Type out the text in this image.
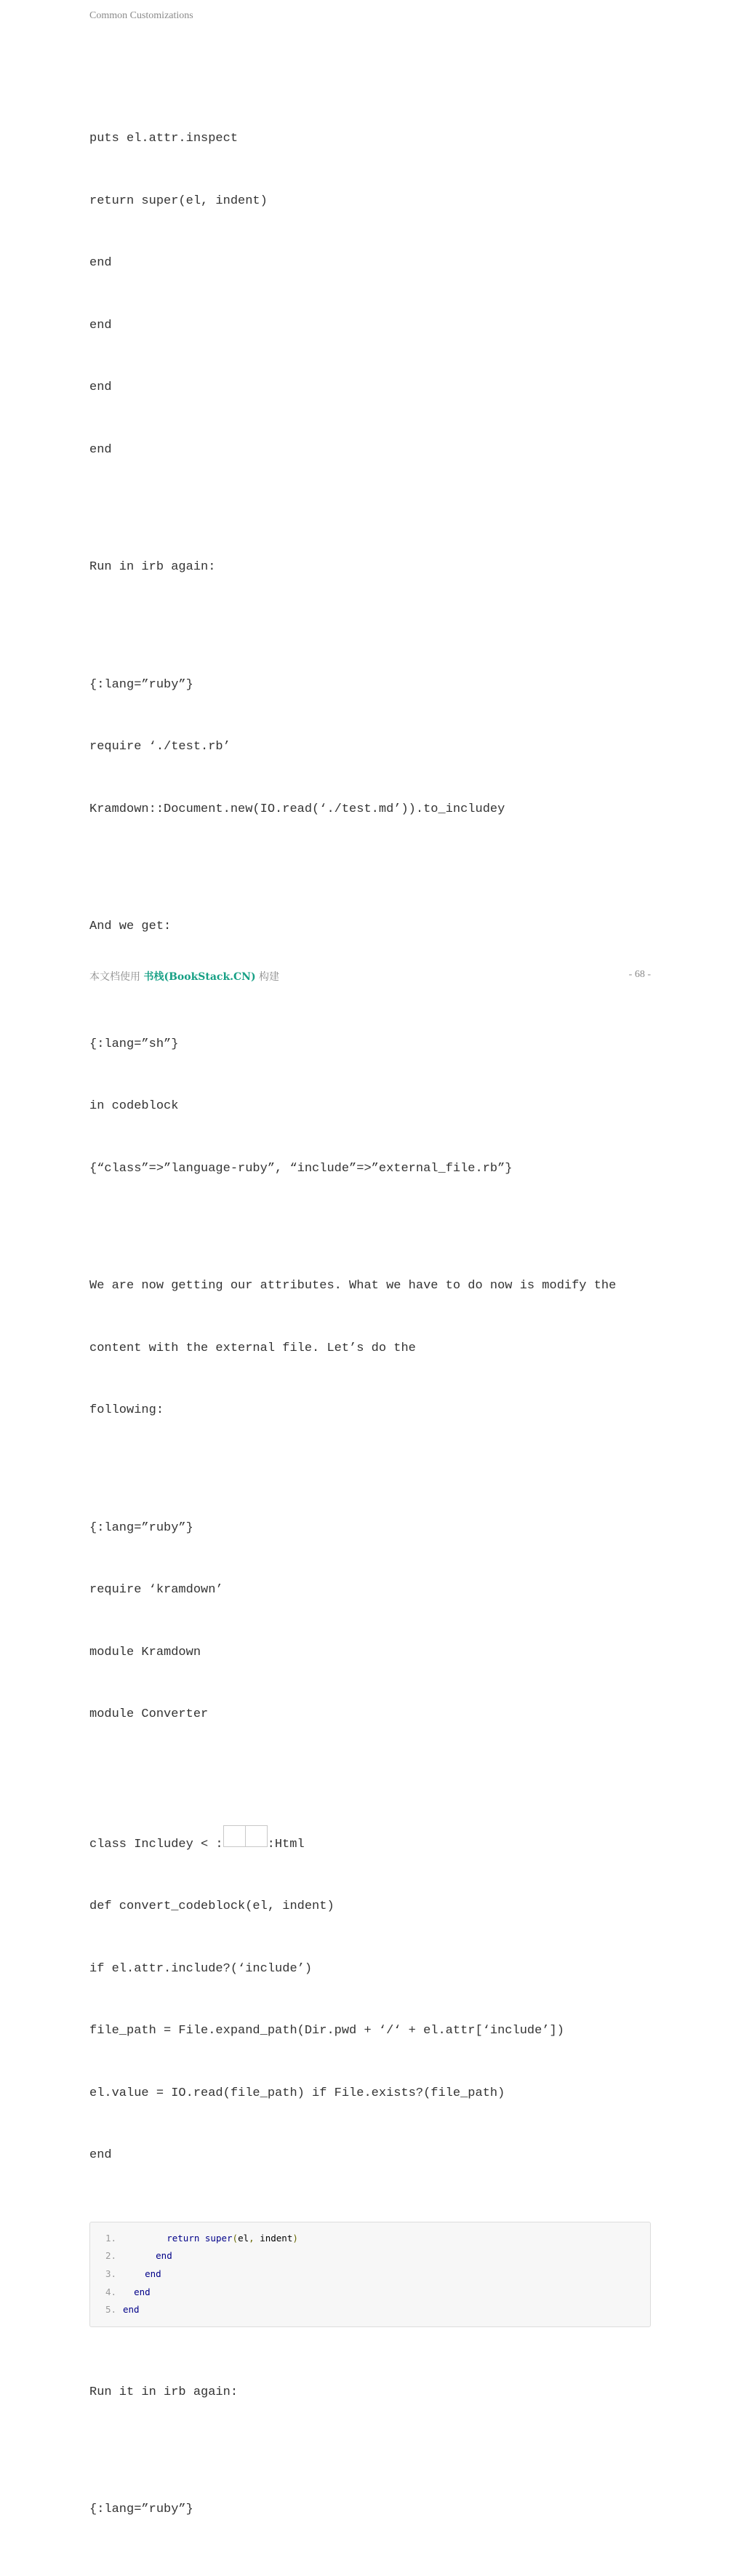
Common Customizations

puts el.attr.inspect

return super(el, indent)

end

end

end

end

Run in irb again:

{:lang=”ruby”}

require ‘./test.rb’

Kramdown::Document.new(IO.read(‘./test.md’)).to_includey

And we get:

{:lang=”sh”}

in codeblock

{“class”=>”language-ruby”, “include”=>”external_file.rb”}

We are now getting our attributes. What we have to do now is modify the

content with the external file. Let’s do the

following:

{:lang=”ruby”}

require ‘kramdown’

module Kramdown

module Converter

class Includey < :		:Html

def convert_codeblock(el, indent)

if el.attr.include?(‘include’)

file_path = File.expand_path(Dir.pwd + ‘/‘ + el.attr[‘include’])

el.value = IO.read(file_path) if File.exists?(file_path)

end

1.	return super(el, indent)
2.	end
3.	end
4. end
5. end

Run it in irb again:

{:lang=”ruby”}

本文档使用 书栈(BookStack.CN) 构建	- 68 -
